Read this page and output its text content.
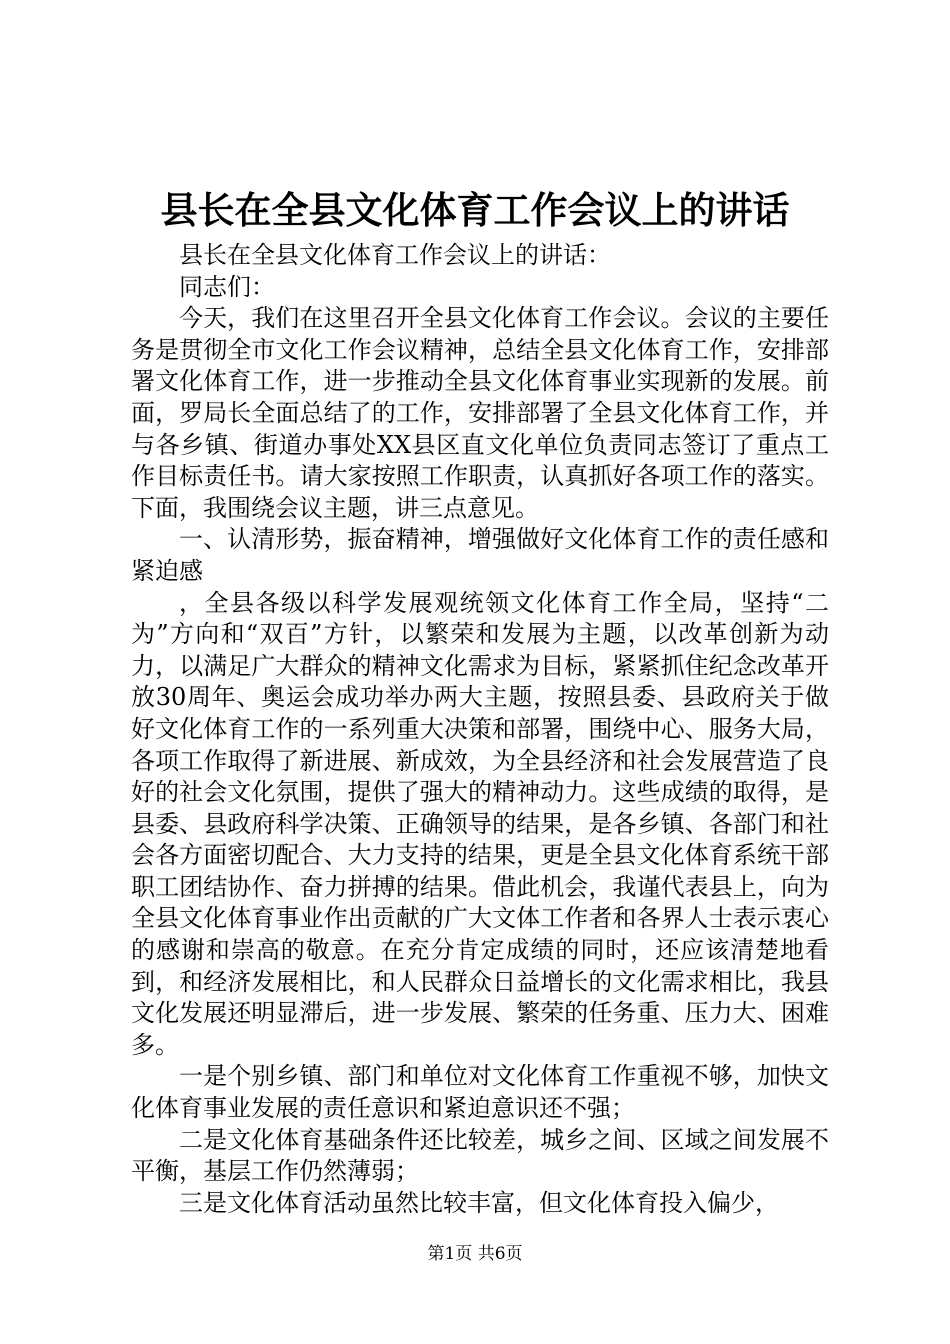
县长在全县文化体育工作会议上的讲话

县长在全县文化体育工作会议上的讲话：

同志们：

今天，我们在这里召开全县文化体育工作会议。会议的主要任务是贯彻全市文化工作会议精神，总结全县文化体育工作，安排部署文化体育工作，进一步推动全县文化体育事业实现新的发展。前面，罗局长全面总结了的工作，安排部署了全县文化体育工作，并与各乡镇、街道办事处XX县区直文化单位负责同志签订了重点工作目标责任书。请大家按照工作职责，认真抓好各项工作的落实。下面，我围绕会议主题，讲三点意见。

一、认清形势，振奋精神，增强做好文化体育工作的责任感和紧迫感

，全县各级以科学发展观统领文化体育工作全局，坚持“二为”方向和“双百”方针，以繁荣和发展为主题，以改革创新为动力，以满足广大群众的精神文化需求为目标，紧紧抓住纪念改革开放30周年、奥运会成功举办两大主题，按照县委、县政府关于做好文化体育工作的一系列重大决策和部署，围绕中心、服务大局，各项工作取得了新进展、新成效，为全县经济和社会发展营造了良好的社会文化氛围，提供了强大的精神动力。这些成绩的取得，是县委、县政府科学决策、正确领导的结果，是各乡镇、各部门和社会各方面密切配合、大力支持的结果，更是全县文化体育系统干部职工团结协作、奋力拼搏的结果。借此机会，我谨代表县上，向为全县文化体育事业作出贡献的广大文体工作者和各界人士表示衷心的感谢和崇高的敬意。在充分肯定成绩的同时，还应该清楚地看到，和经济发展相比，和人民群众日益增长的文化需求相比，我县文化发展还明显滞后，进一步发展、繁荣的任务重、压力大、困难多。

一是个别乡镇、部门和单位对文化体育工作重视不够，加快文化体育事业发展的责任意识和紧迫意识还不强；

二是文化体育基础条件还比较差，城乡之间、区域之间发展不平衡，基层工作仍然薄弱；

三是文化体育活动虽然比较丰富，但文化体育投入偏少，

第1页 共6页
